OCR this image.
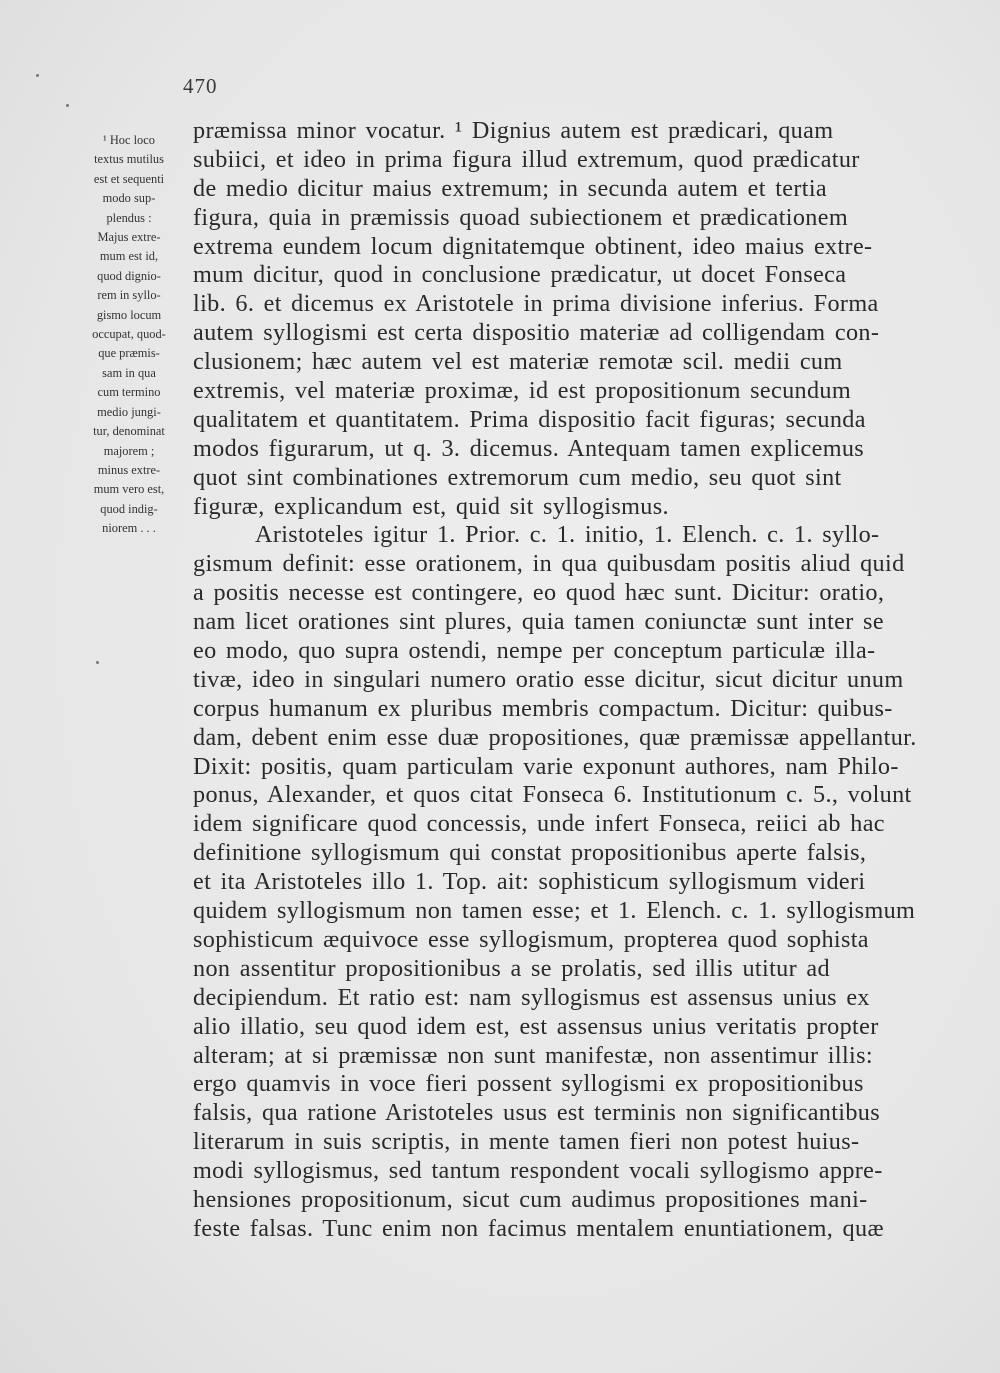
470
¹ Hoc loco
textus mutilus
est et sequenti
modo sup-
plendus :
Majus extre-
mum est id,
quod dignio-
rem in syllo-
gismo locum
occupat, quod-
que præmis-
sam in qua
cum termino
medio jungi-
tur, denominat
majorem ;
minus extre-
mum vero est,
quod indig-
niorem . . .
præmissa minor vocatur. ¹ Dignius autem est prædicari, quam
subiici, et ideo in prima figura illud extremum, quod prædicatur
de medio dicitur maius extremum; in secunda autem et tertia
figura, quia in præmissis quoad subiectionem et prædicationem
extrema eundem locum dignitatemque obtinent, ideo maius extre-
mum dicitur, quod in conclusione prædicatur, ut docet Fonseca
lib. 6. et dicemus ex Aristotele in prima divisione inferius. Forma
autem syllogismi est certa dispositio materiæ ad colligendam con-
clusionem; hæc autem vel est materiæ remotæ scil. medii cum
extremis, vel materiæ proximæ, id est propositionum secundum
qualitatem et quantitatem. Prima dispositio facit figuras; secunda
modos figurarum, ut q. 3. dicemus. Antequam tamen explicemus
quot sint combinationes extremorum cum medio, seu quot sint
figuræ, explicandum est, quid sit syllogismus.
Aristoteles igitur 1. Prior. c. 1. initio, 1. Elench. c. 1. syllo-
gismum definit: esse orationem, in qua quibusdam positis aliud quid
a positis necesse est contingere, eo quod hæc sunt. Dicitur: oratio,
nam licet orationes sint plures, quia tamen coniunctæ sunt inter se
eo modo, quo supra ostendi, nempe per conceptum particulæ illa-
tivæ, ideo in singulari numero oratio esse dicitur, sicut dicitur unum
corpus humanum ex pluribus membris compactum. Dicitur: quibus-
dam, debent enim esse duæ propositiones, quæ præmissæ appellantur.
Dixit: positis, quam particulam varie exponunt authores, nam Philo-
ponus, Alexander, et quos citat Fonseca 6. Institutionum c. 5., volunt
idem significare quod concessis, unde infert Fonseca, reiici ab hac
definitione syllogismum qui constat propositionibus aperte falsis,
et ita Aristoteles illo 1. Top. ait: sophisticum syllogismum videri
quidem syllogismum non tamen esse; et 1. Elench. c. 1. syllogismum
sophisticum æquivoce esse syllogismum, propterea quod sophista
non assentitur propositionibus a se prolatis, sed illis utitur ad
decipiendum. Et ratio est: nam syllogismus est assensus unius ex
alio illatio, seu quod idem est, est assensus unius veritatis propter
alteram; at si præmissæ non sunt manifestæ, non assentimur illis:
ergo quamvis in voce fieri possent syllogismi ex propositionibus
falsis, qua ratione Aristoteles usus est terminis non significantibus
literarum in suis scriptis, in mente tamen fieri non potest huius-
modi syllogismus, sed tantum respondent vocali syllogismo appre-
hensiones propositionum, sicut cum audimus propositiones mani-
feste falsas. Tunc enim non facimus mentalem enuntiationem, quæ
